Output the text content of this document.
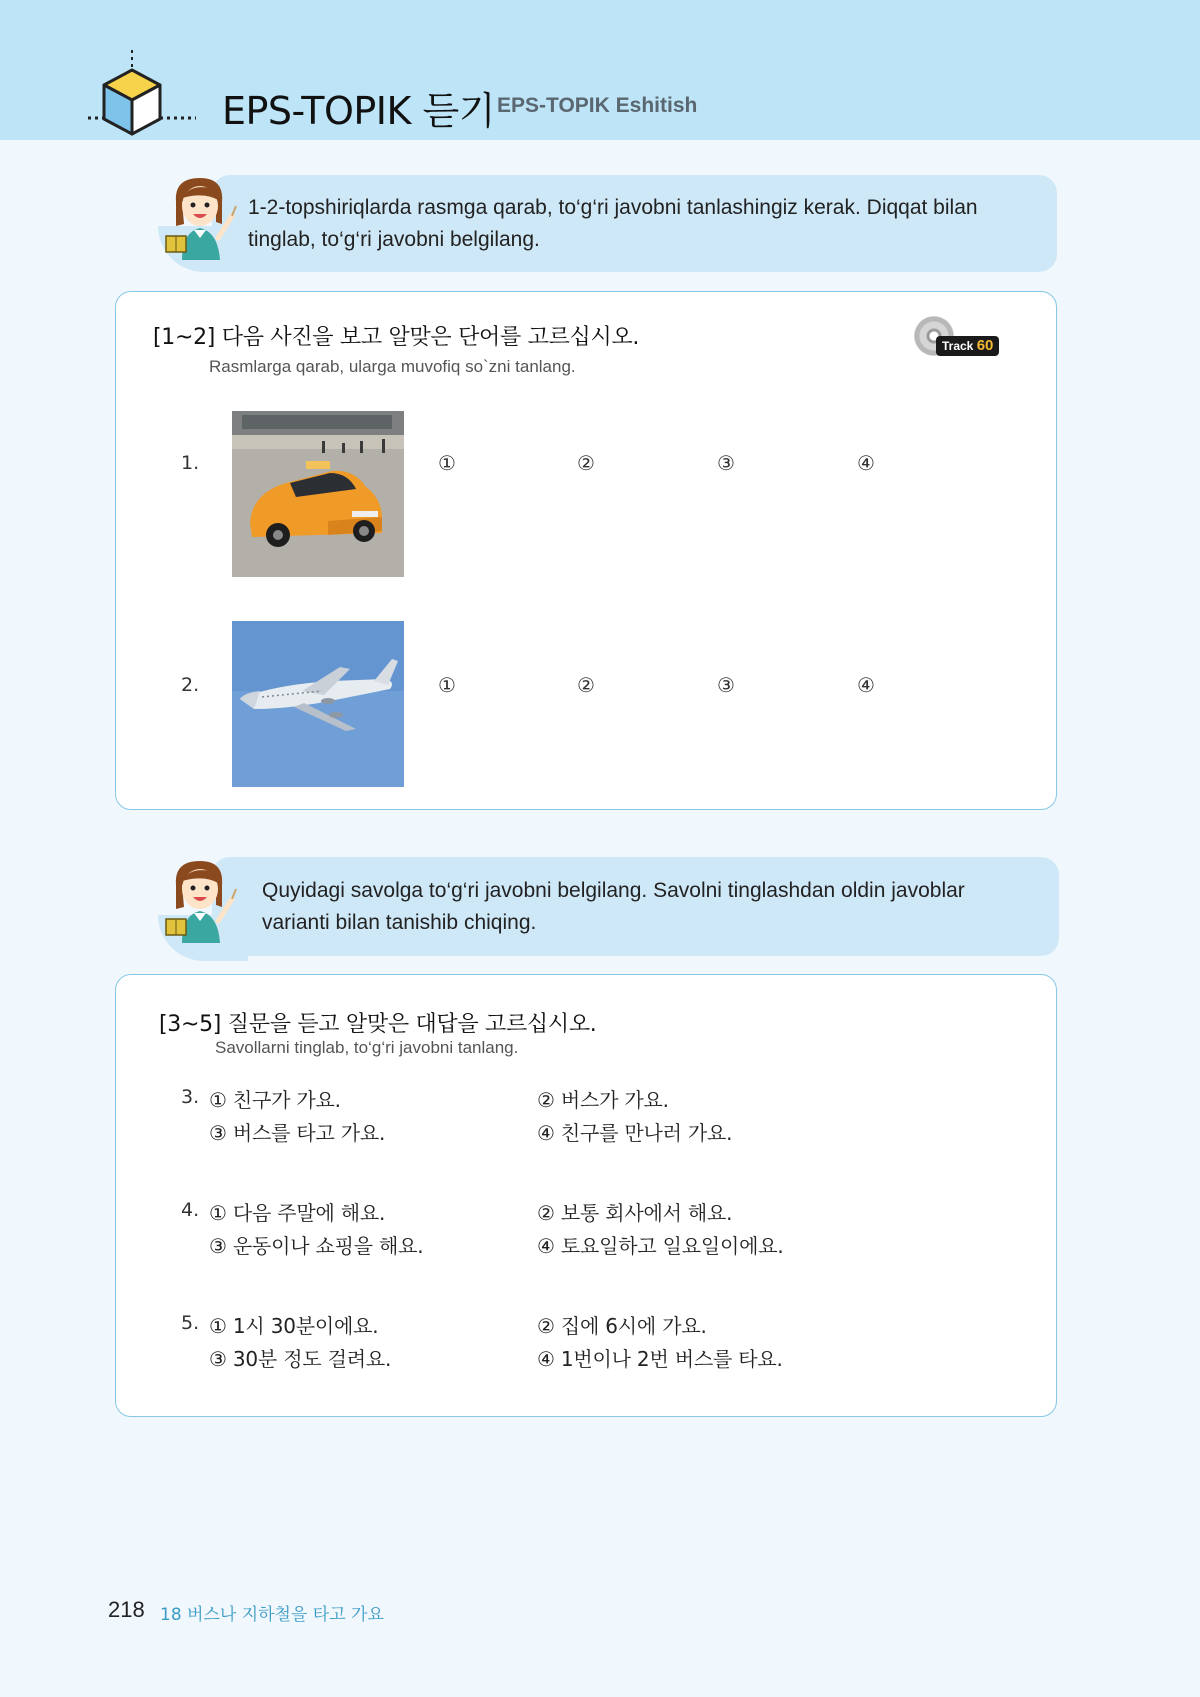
EPS-TOPIK 듣기 EPS-TOPIK Eshitish
1-2-topshiriqlarda rasmga qarab, to‘g‘ri javobni tanlashingiz kerak. Diqqat bilan tinglab, to‘g‘ri javobni belgilang.
[1~2] 다음 사진을 보고 알맞은 단어를 고르십시오.
Rasmlarga qarab, ularga muvofiq so`zni tanlang.
Track 60
1.	①	②	③	④
2.	①	②	③	④
Quyidagi savolga to‘g‘ri javobni belgilang. Savolni tinglashdan oldin javoblar varianti bilan tanishib chiqing.
[3~5] 질문을 듣고 알맞은 대답을 고르십시오.
Savollarni tinglab, to‘g‘ri javobni tanlang.
3. ① 친구가 가요.	② 버스가 가요.
③ 버스를 타고 가요.	④ 친구를 만나러 가요.
4. ① 다음 주말에 해요.	② 보통 회사에서 해요.
③ 운동이나 쇼핑을 해요.	④ 토요일하고 일요일이에요.
5. ① 1시 30분이에요.	② 집에 6시에 가요.
③ 30분 정도 걸려요.	④ 1번이나 2번 버스를 타요.
218 18 버스나 지하철을 타고 가요
